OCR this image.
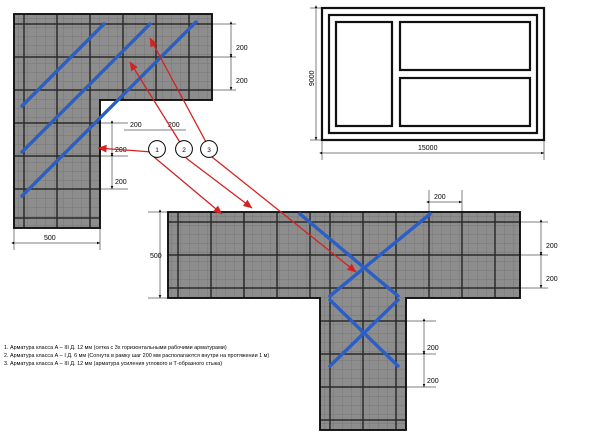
200
200
200
200
500
200	200
200
200
200
200
200
500
1	2	3
9000
15000
1. Арматура класса А – III Д. 12 мм (сетка с 3х горизонтальными рабочими арматурами)
2. Арматура класса А – I Д. 6 мм (Согнута в рамку шаг 200 мм располагаются внутри на протяжении 1 м)
3. Арматура класса А – III Д. 12 мм (арматура усиления углового и Т-образного стыка)
